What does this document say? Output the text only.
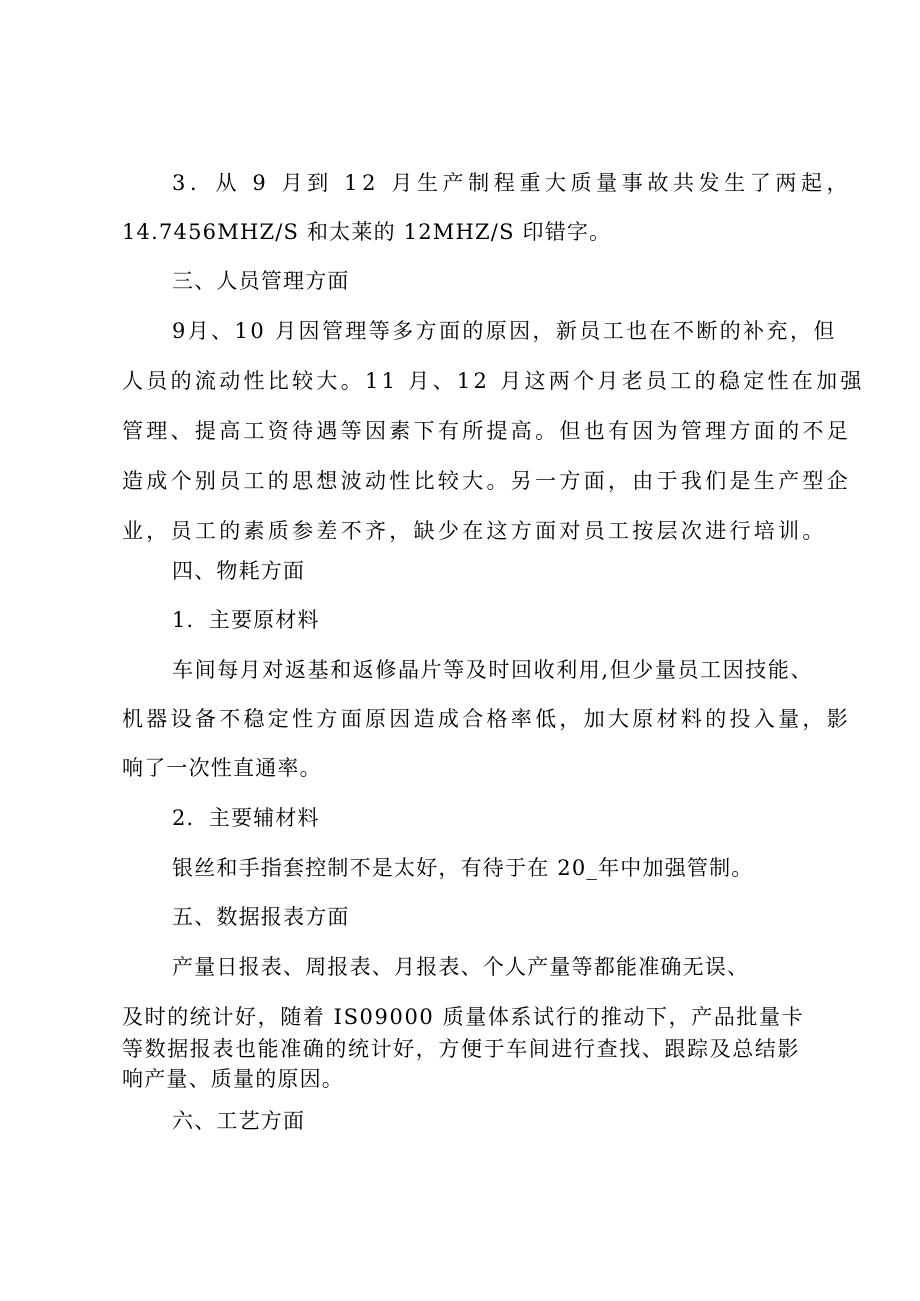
3．从 9 月到 12 月生产制程重大质量事故共发生了两起，
14.7456MHZ/S 和太莱的 12MHZ/S 印错字。
三、人员管理方面
9月、10 月因管理等多方面的原因，新员工也在不断的补充，但
人员的流动性比较大。11 月、12 月这两个月老员工的稳定性在加强
管理、提高工资待遇等因素下有所提高。但也有因为管理方面的不足
造成个别员工的思想波动性比较大。另一方面，由于我们是生产型企
业，员工的素质参差不齐，缺少在这方面对员工按层次进行培训。
四、物耗方面
1．主要原材料
车间每月对返基和返修晶片等及时回收利用,但少量员工因技能、
机器设备不稳定性方面原因造成合格率低，加大原材料的投入量，影
响了一次性直通率。
2．主要辅材料
银丝和手指套控制不是太好，有待于在 20_年中加强管制。
五、数据报表方面
产量日报表、周报表、月报表、个人产量等都能准确无误、
及时的统计好，随着 IS09000 质量体系试行的推动下，产品批量卡
等数据报表也能准确的统计好，方便于车间进行查找、跟踪及总结影
响产量、质量的原因。
六、工艺方面
